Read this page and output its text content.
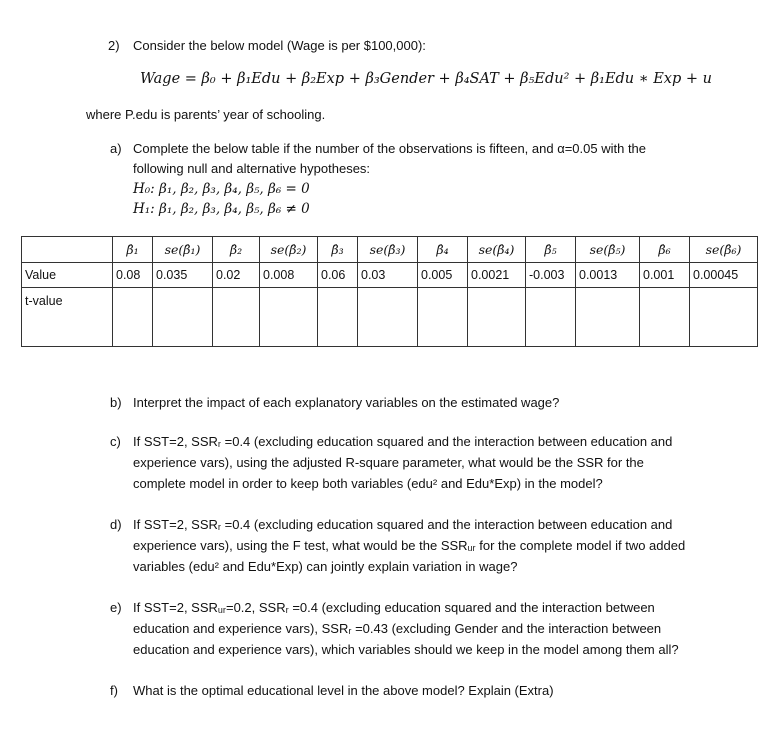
2) Consider the below model (Wage is per $100,000):
Wage = β₀ + β₁Edu + β₂Exp + β₃Gender + β₄SAT + β₅Edu² + β₁Edu ∗ Exp + u
where P.edu is parents’ year of schooling.
a) Complete the below table if the number of the observations is fifteen, and α=0.05 with the
following null and alternative hypotheses:
H₀: β₁, β₂, β₃, β₄, β₅, β₆ = 0
H₁: β₁, β₂, β₃, β₄, β₅, β₆ ≠ 0
	β̂₁	se(β̂₁)	β̂₂	se(β̂₂)	β̂₃	se(β̂₃)	β̂₄	se(β̂₄)	β̂₅	se(β̂₅)	β̂₆	se(β̂₆)
Value	0.08	0.035	0.02	0.008	0.06	0.03	0.005	0.0021	-0.003	0.0013	0.001	0.00045
t-value												
b) Interpret the impact of each explanatory variables on the estimated wage?
c) If SST=2, SSRᵣ =0.4 (excluding education squared and the interaction between education and
experience vars), using the adjusted R-square parameter, what would be the SSR for the
complete model in order to keep both variables (edu² and Edu*Exp) in the model?
d) If SST=2, SSRᵣ =0.4 (excluding education squared and the interaction between education and
experience vars), using the F test, what would be the SSRᵤᵣ for the complete model if two added
variables (edu² and Edu*Exp) can jointly explain variation in wage?
e) If SST=2, SSRᵤᵣ=0.2, SSRᵣ =0.4 (excluding education squared and the interaction between
education and experience vars), SSRᵣ =0.43 (excluding Gender and the interaction between
education and experience vars), which variables should we keep in the model among them all?
f) What is the optimal educational level in the above model? Explain (Extra)
